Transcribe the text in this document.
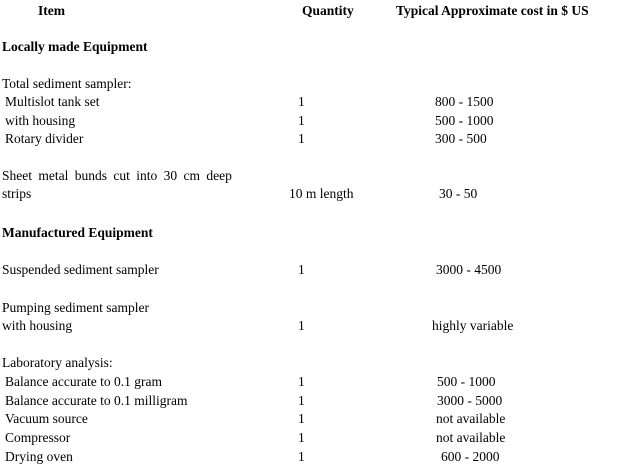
Item	Quantity	Typical Approximate cost in $ US
Locally made Equipment
Total sediment sampler:
Multislot tank set	1	800 - 1500
with housing	1	500 - 1000
Rotary divider	1	300 - 500
Sheet metal bunds cut into 30 cm deep
strips	10 m length	30 - 50
Manufactured Equipment
Suspended sediment sampler	1	3000 - 4500
Pumping sediment sampler
with housing	1	highly variable
Laboratory analysis:
Balance accurate to 0.1 gram	1	500 - 1000
Balance accurate to 0.1 milligram	1	3000 - 5000
Vacuum source	1	not available
Compressor	1	not available
Drying oven	1	600 - 2000
